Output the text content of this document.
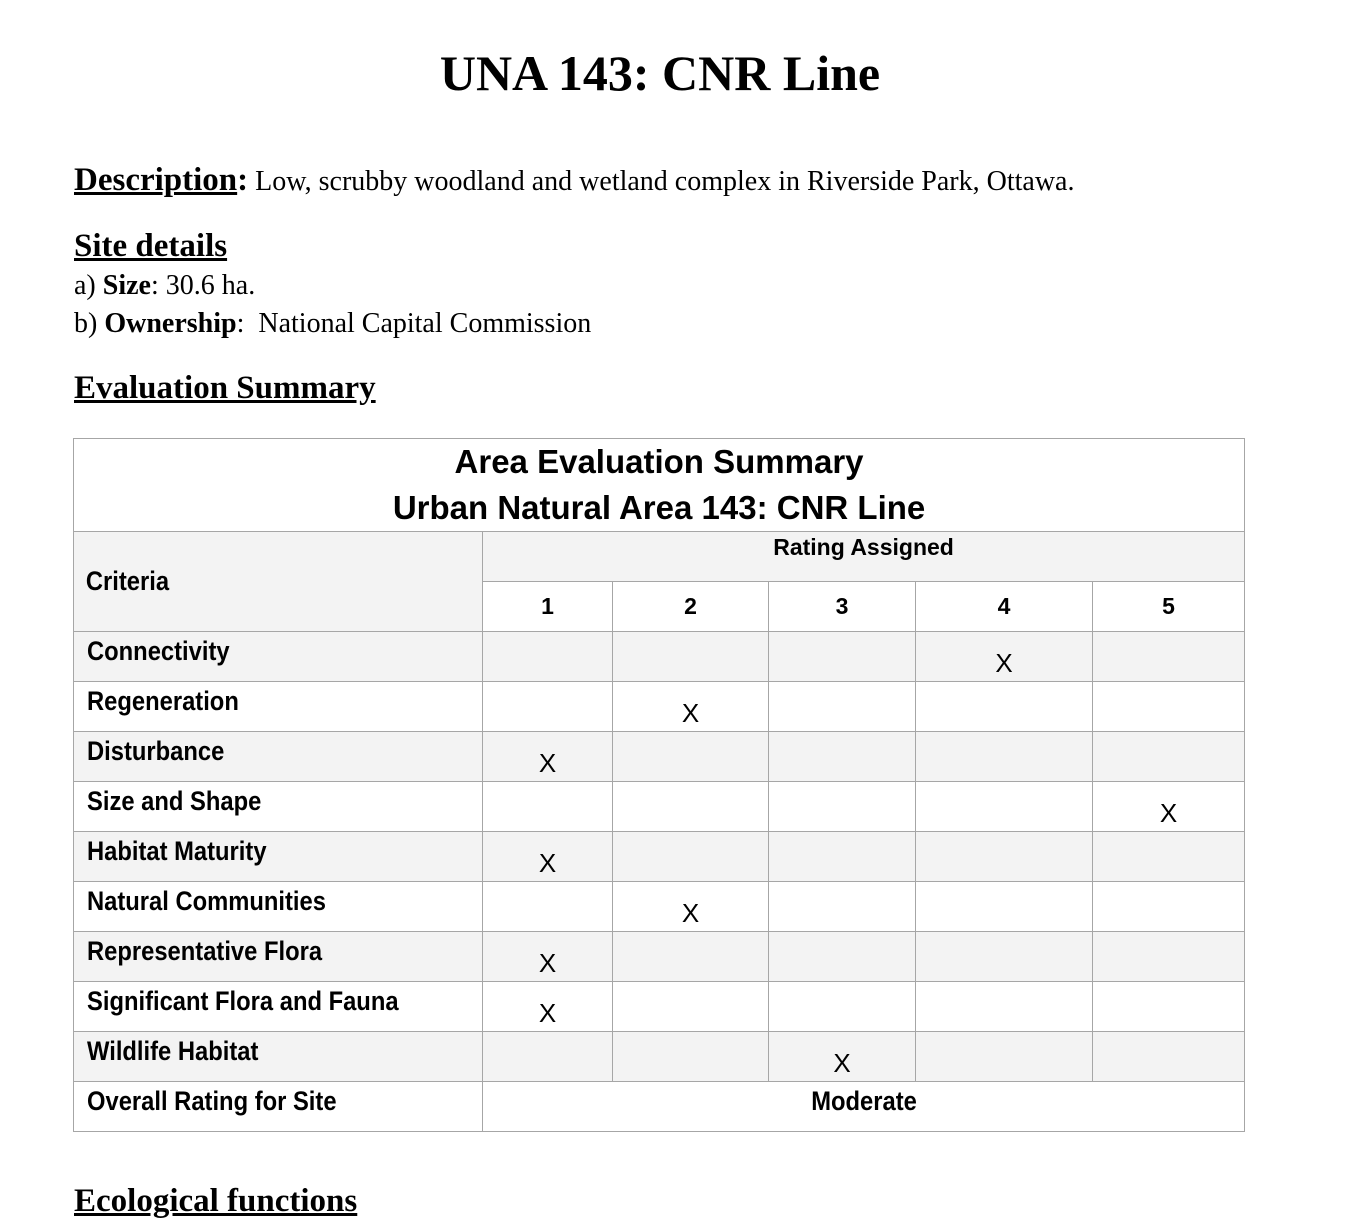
UNA 143: CNR Line
Description: Low, scrubby woodland and wetland complex in Riverside Park, Ottawa.
Site details
a) Size: 30.6 ha.
b) Ownership:  National Capital Commission
Evaluation Summary
Area Evaluation Summary
Urban Natural Area 143: CNR Line					

Criteria	Rating Assigned				
	1	2	3	4	5
Connectivity				X	
Regeneration		X			
Disturbance	X				
Size and Shape					X
Habitat Maturity	X				
Natural Communities		X			
Representative Flora	X				
Significant Flora and Fauna	X				
Wildlife Habitat			X		
Overall Rating for Site	Moderate				
Ecological functions
